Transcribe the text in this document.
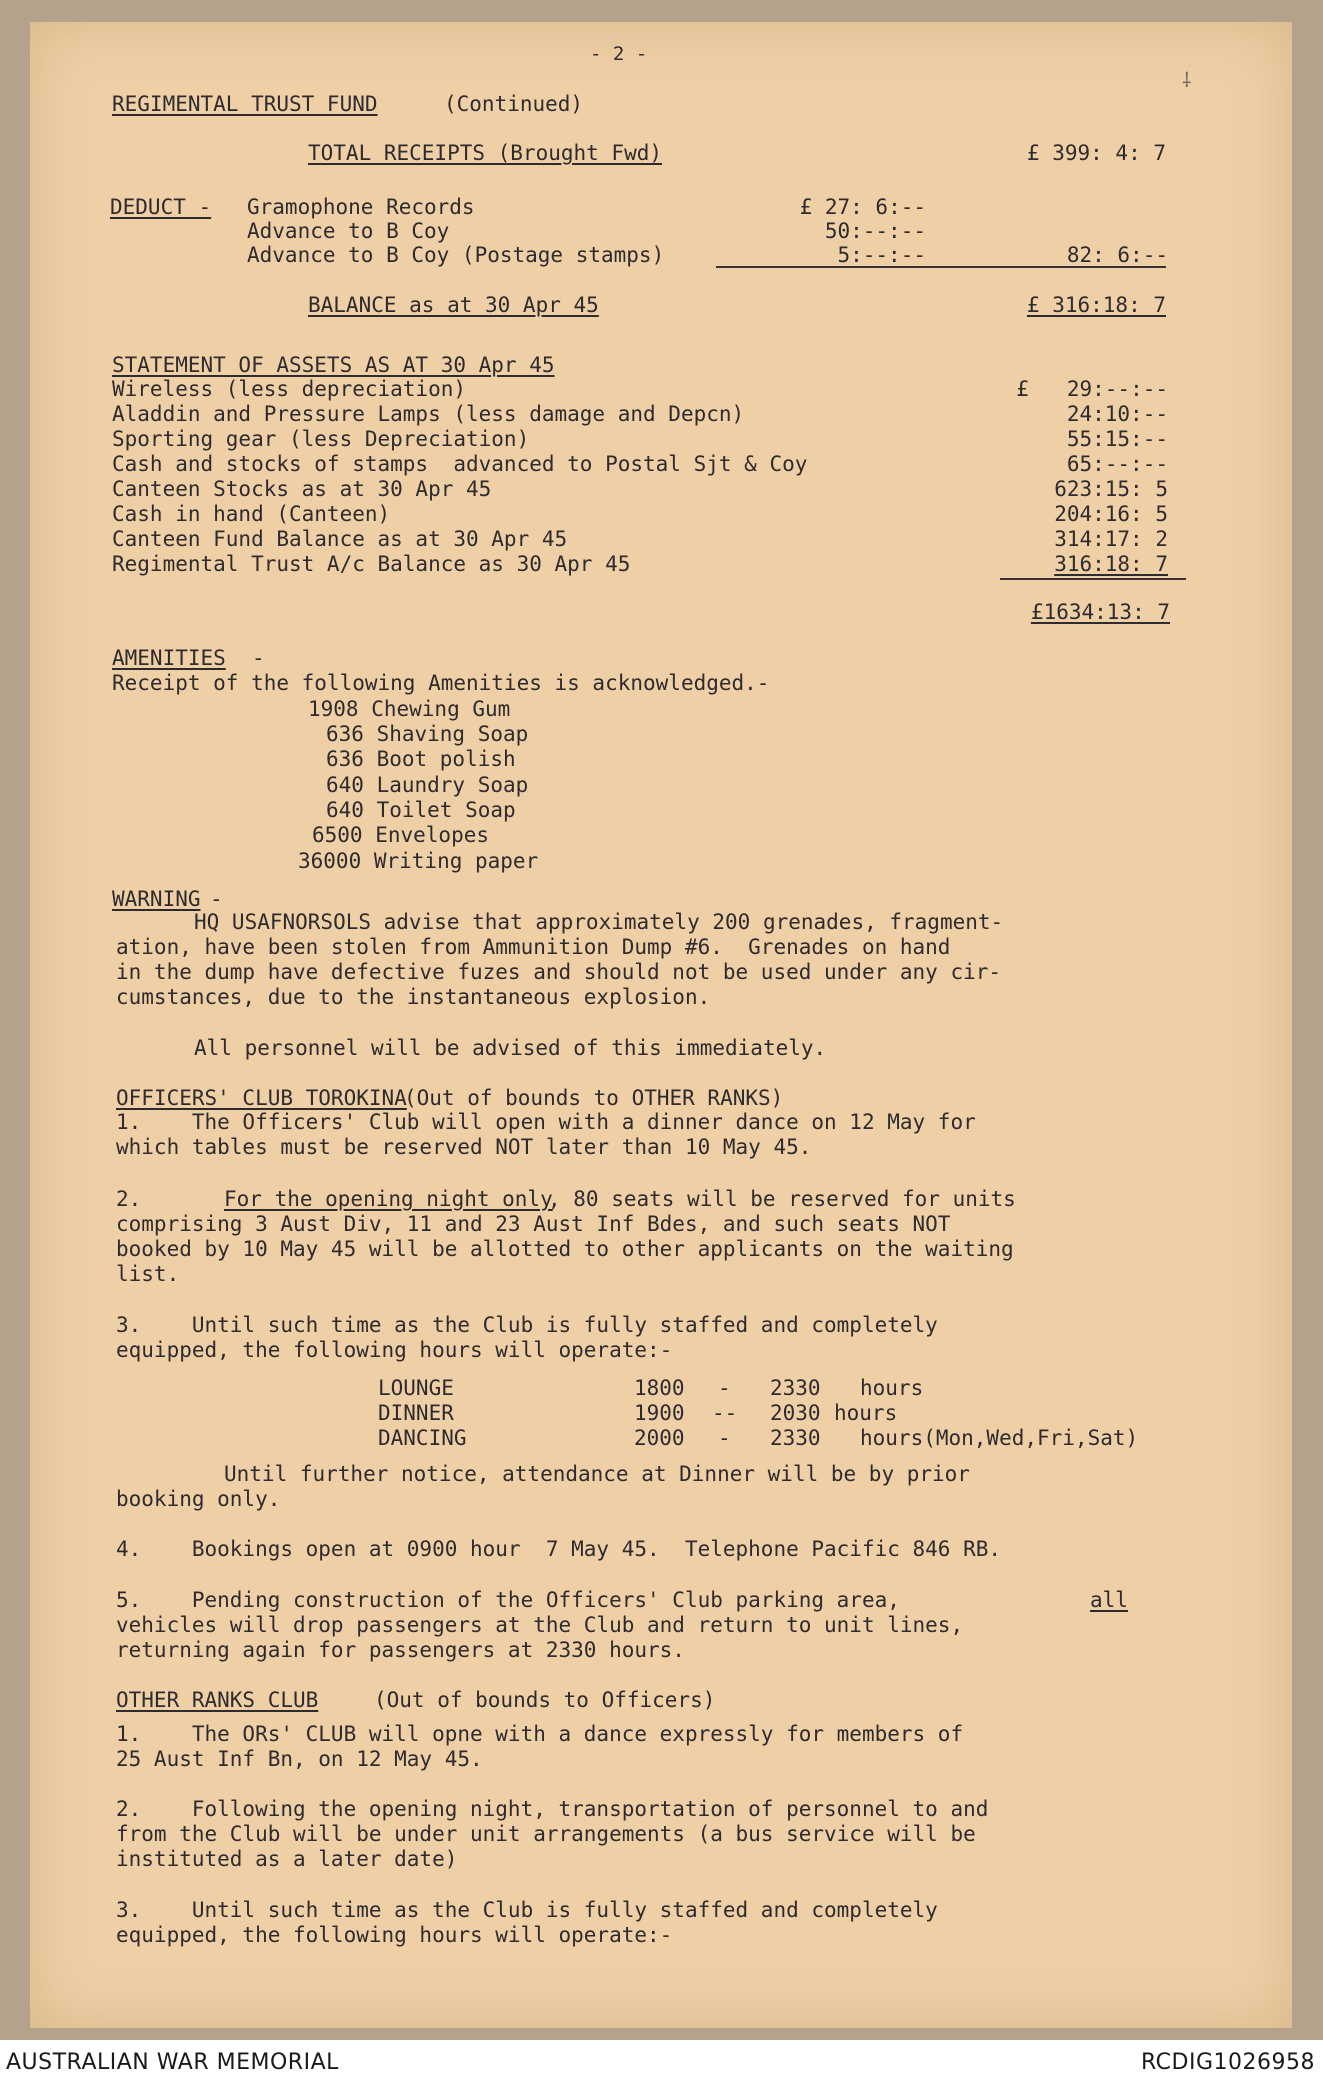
⸸
- 2 -
REGIMENTAL TRUST FUND	(Continued)
TOTAL RECEIPTS (Brought Fwd)	£ 399: 4: 7
DEDUCT - Gramophone Records	£ 27: 6:--
Advance to B Coy	50:--:--
Advance to B Coy (Postage stamps)	5:--:--	82: 6:--
BALANCE as at 30 Apr 45	£ 316:18: 7
STATEMENT OF ASSETS AS AT 30 Apr 45
Wireless (less depreciation)	£   29:--:--
Aladdin and Pressure Lamps (less damage and Depcn)	24:10:--
Sporting gear (less Depreciation)	55:15:--
Cash and stocks of stamps  advanced to Postal Sjt & Coy	65:--:--
Canteen Stocks as at 30 Apr 45	623:15: 5
Cash in hand (Canteen)	204:16: 5
Canteen Fund Balance as at 30 Apr 45	314:17: 2
Regimental Trust A/c Balance as 30 Apr 45	316:18: 7
£1634:13: 7
AMENITIES -
Receipt of the following Amenities is acknowledged.-
1908 Chewing Gum
636 Shaving Soap
636 Boot polish
640 Laundry Soap
640 Toilet Soap
6500 Envelopes
36000 Writing paper
WARNING -
HQ USAFNORSOLS advise that approximately 200 grenades, fragment-
ation, have been stolen from Ammunition Dump #6.  Grenades on hand
in the dump have defective fuzes and should not be used under any cir-
cumstances, due to the instantaneous explosion.
All personnel will be advised of this immediately.
OFFICERS' CLUB TOROKINA
(Out of bounds to OTHER RANKS)
1.    The Officers' Club will open with a dinner dance on 12 May for
which tables must be reserved NOT later than 10 May 45.
2.	For the opening night only
, 80 seats will be reserved for units
comprising 3 Aust Div, 11 and 23 Aust Inf Bdes, and such seats NOT
booked by 10 May 45 will be allotted to other applicants on the waiting
list.
3.    Until such time as the Club is fully staffed and completely
equipped, the following hours will operate:-
LOUNGE	1800 - 2330 hours
DINNER	1900 -- 2030 hours
DANCING	2000 - 2330 hours(Mon,Wed,Fri,Sat)
Until further notice, attendance at Dinner will be by prior
booking only.
4.    Bookings open at 0900 hour  7 May 45.  Telephone Pacific 846 RB.
5.    Pending construction of the Officers' Club parking area,	all
vehicles will drop passengers at the Club and return to unit lines,
returning again for passengers at 2330 hours.
OTHER RANKS CLUB	(Out of bounds to Officers)
1.    The ORs' CLUB will opne with a dance expressly for members of
25 Aust Inf Bn, on 12 May 45.
2.    Following the opening night, transportation of personnel to and
from the Club will be under unit arrangements (a bus service will be
instituted as a later date)
3.    Until such time as the Club is fully staffed and completely
equipped, the following hours will operate:-
AUSTRALIAN WAR MEMORIAL	RCDIG1026958
